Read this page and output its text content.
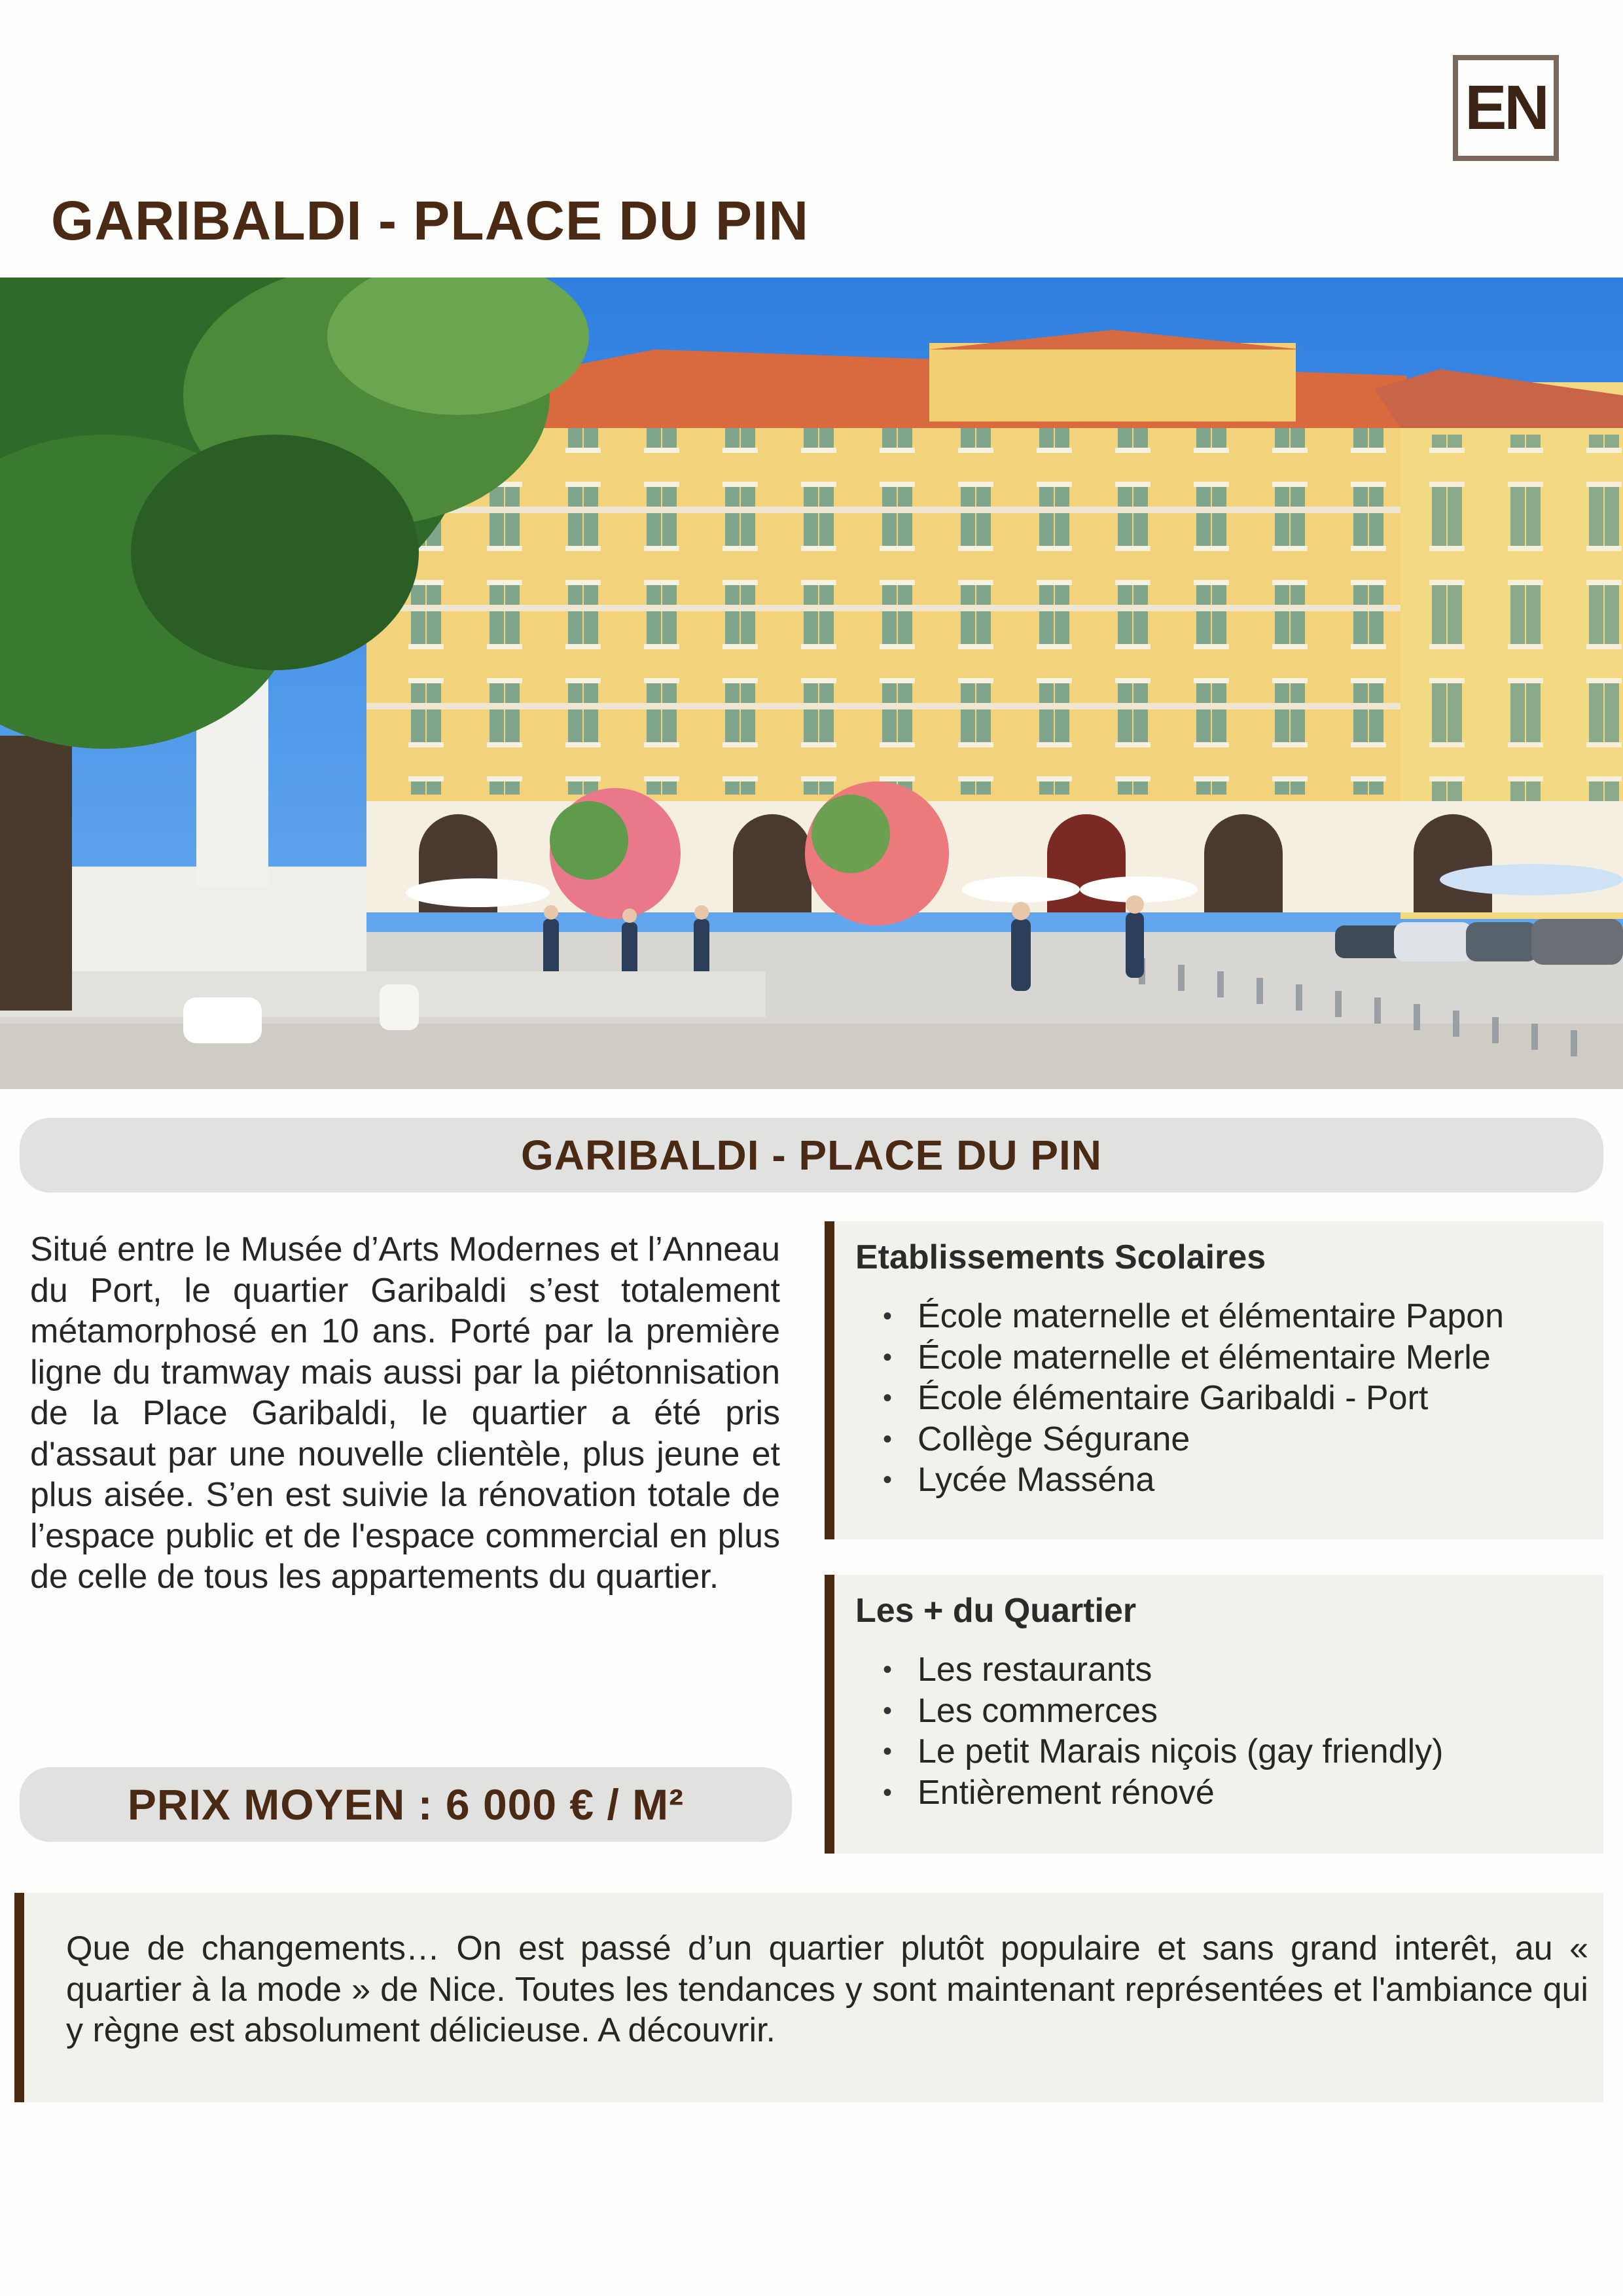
EN
GARIBALDI - PLACE DU PIN
GARIBALDI - PLACE DU PIN

Situé entre le Musée d’Arts Modernes et l’Anneau du Port, le quartier Garibaldi s’est totalement métamorphosé en 10 ans. Porté par la première ligne du tramway mais aussi par la piétonnisation de la Place Garibaldi, le quartier a été pris d'assaut par une nouvelle clientèle, plus jeune et plus aisée. S’en est suivie la rénovation totale de l’espace public et de l'espace commercial en plus de celle de tous les appartements du quartier.

PRIX MOYEN : 6 000 € / M²
Etablissements Scolaires
• École maternelle et élémentaire Papon
• École maternelle et élémentaire Merle
• École élémentaire Garibaldi - Port
• Collège Ségurane
• Lycée Masséna
Les + du Quartier
• Les restaurants
• Les commerces
• Le petit Marais niçois (gay friendly)
• Entièrement rénové

Que de changements… On est passé d’un quartier plutôt populaire et sans grand interêt, au « quartier à la mode » de Nice. Toutes les tendances y sont maintenant représentées et l'ambiance qui y règne est absolument délicieuse. A découvrir.
